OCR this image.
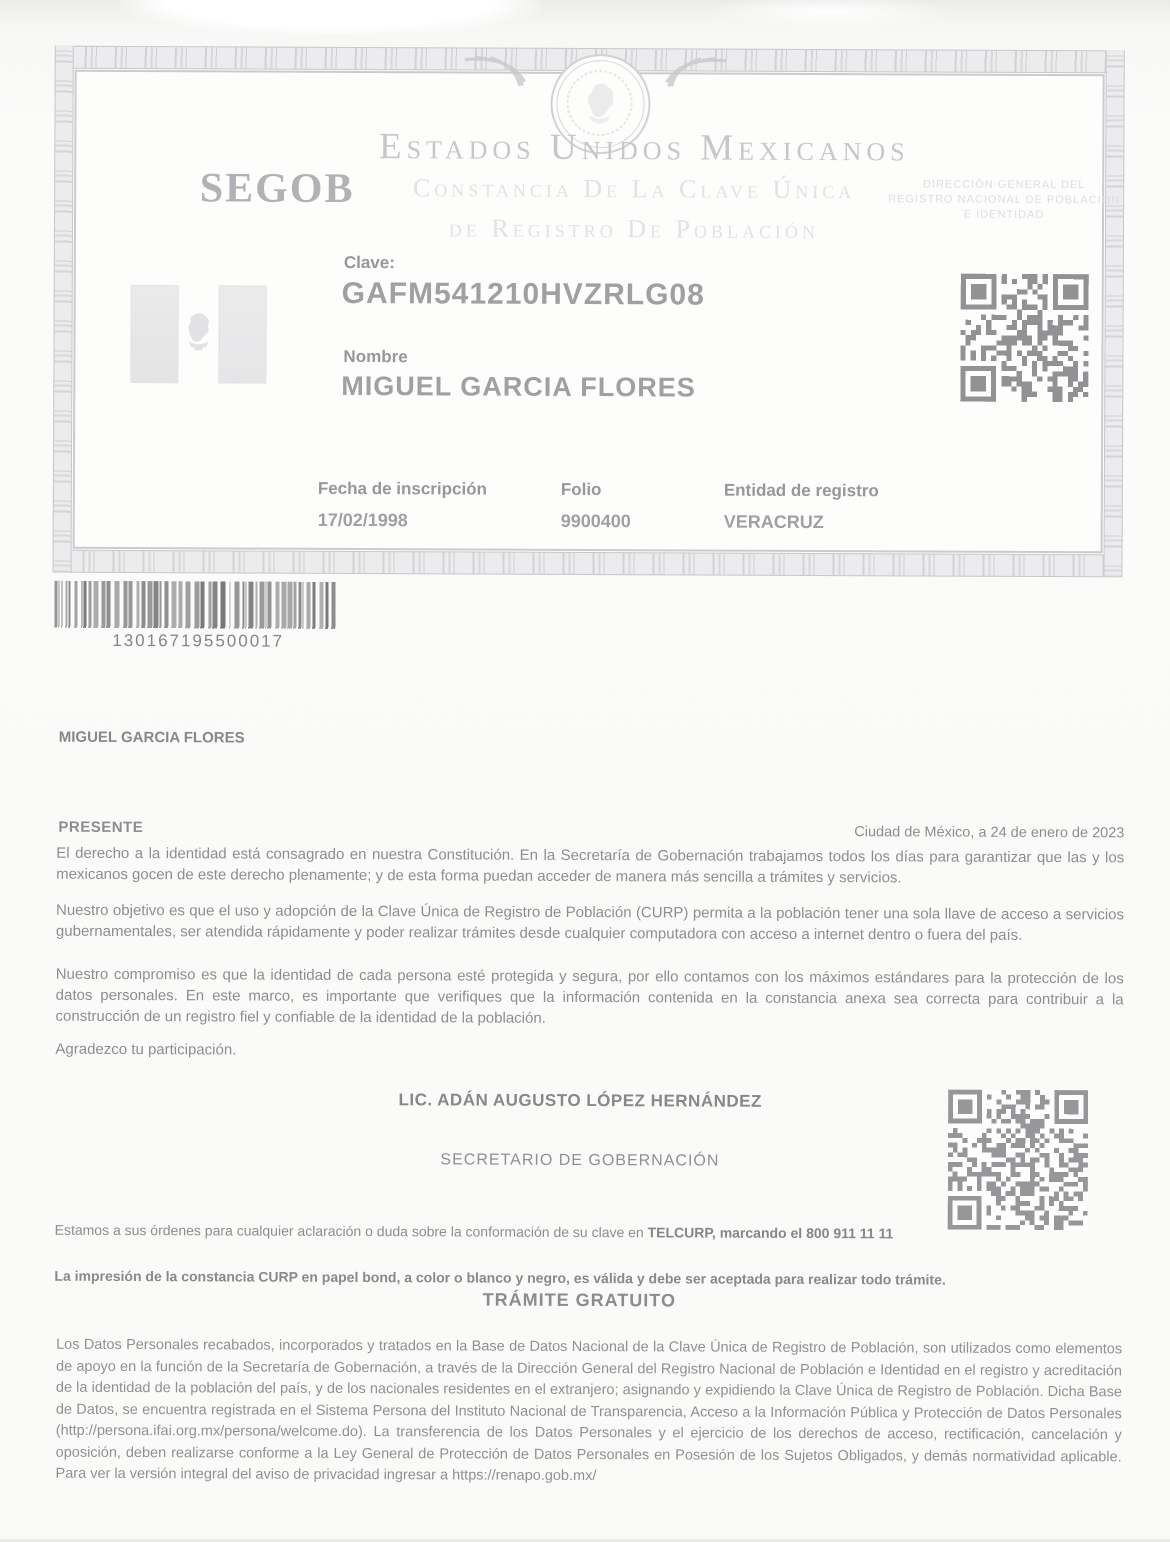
SEGOB
Estados Unidos Mexicanos
Constancia De La Clave Única
de Registro De Población
DIRECCIÓN GENERAL DEL
REGISTRO NACIONAL DE POBLACIÓN
E IDENTIDAD
Clave:
GAFM541210HVZRLG08
Nombre
MIGUEL GARCIA FLORES
Fecha de inscripción	Folio	Entidad de registro
17/02/1998	9900400	VERACRUZ
130167195500017
MIGUEL GARCIA FLORES
PRESENTE	Ciudad de México, a 24 de enero de 2023
El derecho a la identidad está consagrado en nuestra Constitución. En la Secretaría de Gobernación trabajamos todos los días para garantizar que las y los mexicanos gocen de este derecho plenamente; y de esta forma puedan acceder de manera más sencilla a trámites y servicios.
Nuestro objetivo es que el uso y adopción de la Clave Única de Registro de Población (CURP) permita a la población tener una sola llave de acceso a servicios gubernamentales, ser atendida rápidamente y poder realizar trámites desde cualquier computadora con acceso a internet dentro o fuera del país.
Nuestro compromiso es que la identidad de cada persona esté protegida y segura, por ello contamos con los máximos estándares para la protección de los datos personales. En este marco, es importante que verifiques que la información contenida en la constancia anexa sea correcta para contribuir a la construcción de un registro fiel y confiable de la identidad de la población.
Agradezco tu participación.
LIC. ADÁN AUGUSTO LÓPEZ HERNÁNDEZ
SECRETARIO DE GOBERNACIÓN
Estamos a sus órdenes para cualquier aclaración o duda sobre la conformación de su clave en TELCURP, marcando el 800 911 11 11
La impresión de la constancia CURP en papel bond, a color o blanco y negro, es válida y debe ser aceptada para realizar todo trámite.
TRÁMITE GRATUITO
Los Datos Personales recabados, incorporados y tratados en la Base de Datos Nacional de la Clave Única de Registro de Población, son utilizados como elementos de apoyo en la función de la Secretaría de Gobernación, a través de la Dirección General del Registro Nacional de Población e Identidad en el registro y acreditación de la identidad de la población del país, y de los nacionales residentes en el extranjero; asignando y expidiendo la Clave Única de Registro de Población. Dicha Base de Datos, se encuentra registrada en el Sistema Persona del Instituto Nacional de Transparencia, Acceso a la Información Pública y Protección de Datos Personales (http://persona.ifai.org.mx/persona/welcome.do). La transferencia de los Datos Personales y el ejercicio de los derechos de acceso, rectificación, cancelación y oposición, deben realizarse conforme a la Ley General de Protección de Datos Personales en Posesión de los Sujetos Obligados, y demás normatividad aplicable. Para ver la versión integral del aviso de privacidad ingresar a https://renapo.gob.mx/
